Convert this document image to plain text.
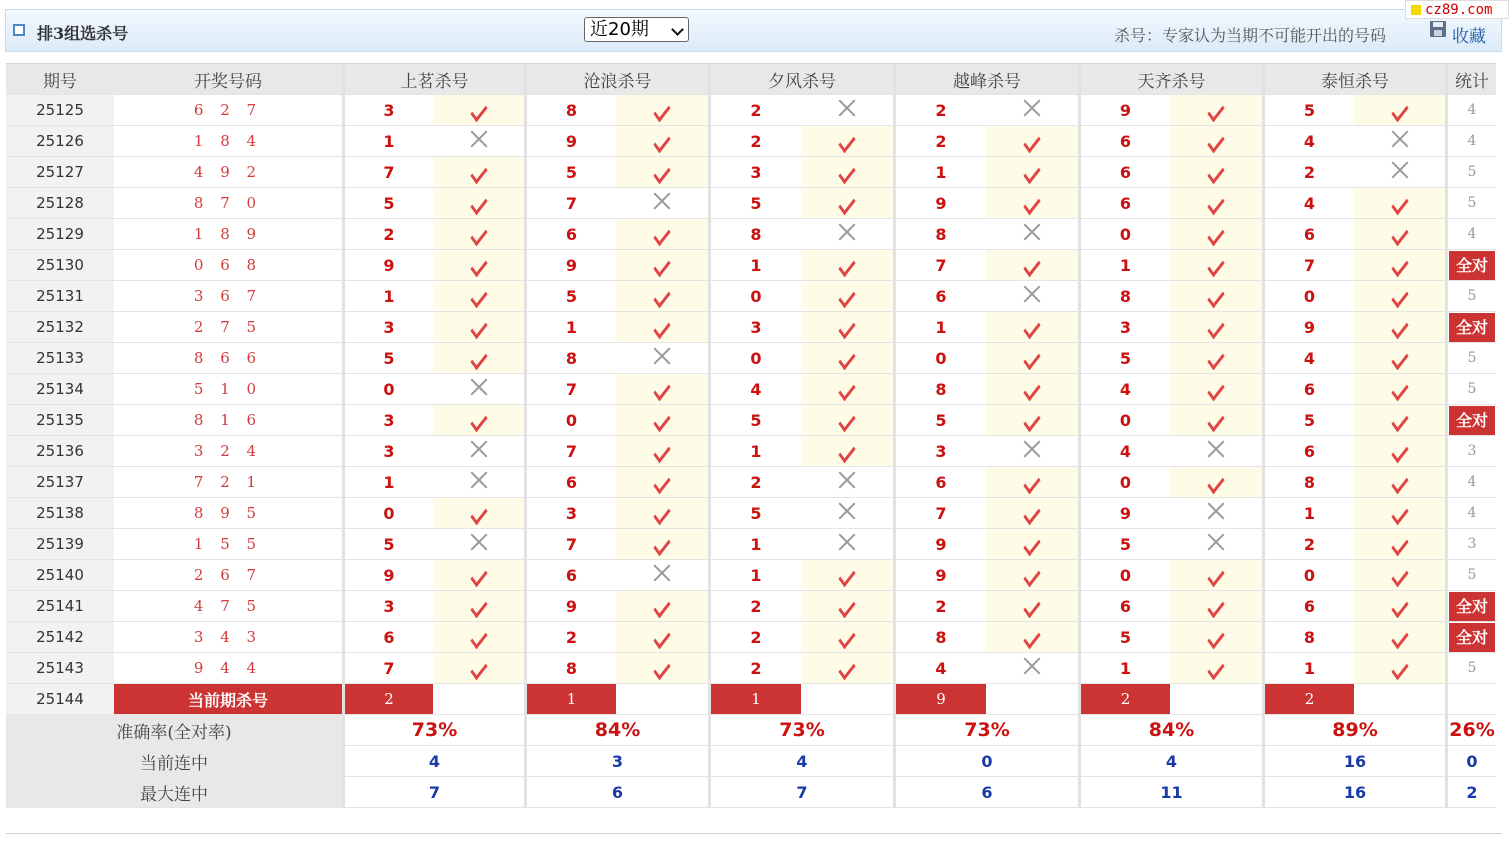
排3组选杀号	近20期	杀号：专家认为当期不可能开出的号码	收藏
cz89.com
期号	开奖号码	上茗杀号		沧浪杀号		夕风杀号		越峰杀号		天齐杀号		泰恒杀号		统计
25125	6 2 7	3		8		2		2		9		5		4
25126	1 8 4	1		9		2		2		6		4		4
25127	4 9 2	7		5		3		1		6		2		5
25128	8 7 0	5		7		5		9		6		4		5
25129	1 8 9	2		6		8		8		0		6		4
25130	0 6 8	9		9		1		7		1		7		全对

25131	3 6 7	1		5		0		6		8		0		5
25132	2 7 5	3		1		3		1		3		9		全对

25133	8 6 6	5		8		0		0		5		4		5
25134	5 1 0	0		7		4		8		4		6		5
25135	8 1 6	3		0		5		5		0		5		全对

25136	3 2 4	3		7		1		3		4		6		3
25137	7 2 1	1		6		2		6		0		8		4
25138	8 9 5	0		3		5		7		9		1		4
25139	1 5 5	5		7		1		9		5		2		3
25140	2 6 7	9		6		1		9		0		0		5
25141	4 7 5	3		9		2		2		6		6		全对

25142	3 4 3	6		2		2		8		5		8		全对

25143	9 4 4	7		8		2		4		1		1		5
25144	当前期杀号	2		1		1		9		2		2		
准确率(全对率)		73%		84%		73%		73%		84%		89%		26%
当前连中		4		3		4		0		4		16		0
最大连中		7		6		7		6		11		16		2
